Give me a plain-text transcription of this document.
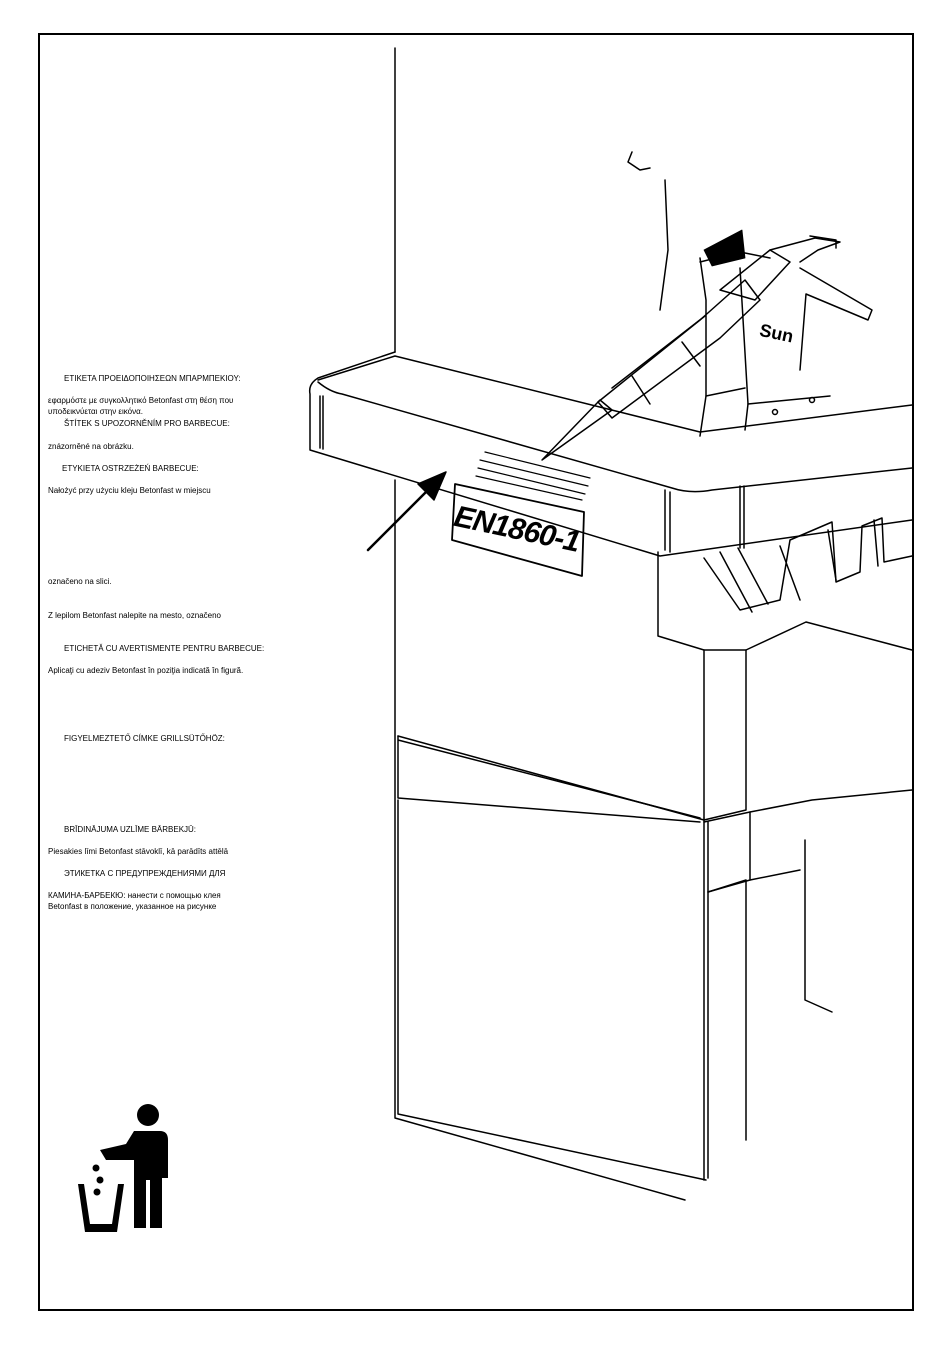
EN1860-1
Sun

ΕΤΙΚΕΤΑ ΠΡΟΕΙΔΟΠΟΙΗΣΕΩΝ ΜΠΑΡΜΠΕΚΙΟΥ:

εφαρμόστε με συγκολλητικό Betonfast στη θέση που
υποδεικνύεται στην εικόνα.

ŠTÍTEK S UPOZORNĚNÍM PRO BARBECUE:

znázorněné na obrázku.

ETYKIETA OSTRZEŻEŃ BARBECUE:

Nałożyć przy użyciu kleju Betonfast w miejscu

označeno na slici.

Z lepilom Betonfast nalepite na mesto, označeno

ETICHETĂ CU AVERTISMENTE PENTRU BARBECUE:

Aplicaţi cu adeziv Betonfast în poziţia indicată în figură.

FIGYELMEZTETŐ CÍMKE GRILLSÜTŐHÖZ:

BRĪDINĀJUMA UZLĪME BĀRBEKJŪ:

Piesakies līmi Betonfast stāvoklī, kā parādīts attēlā

ЭТИКЕТКА С ПРЕДУПРЕЖДЕНИЯМИ ДЛЯ

КАМИНА-БАРБЕКЮ: нанести с помощью клея
Betonfast в положение, указанное на рисунке
